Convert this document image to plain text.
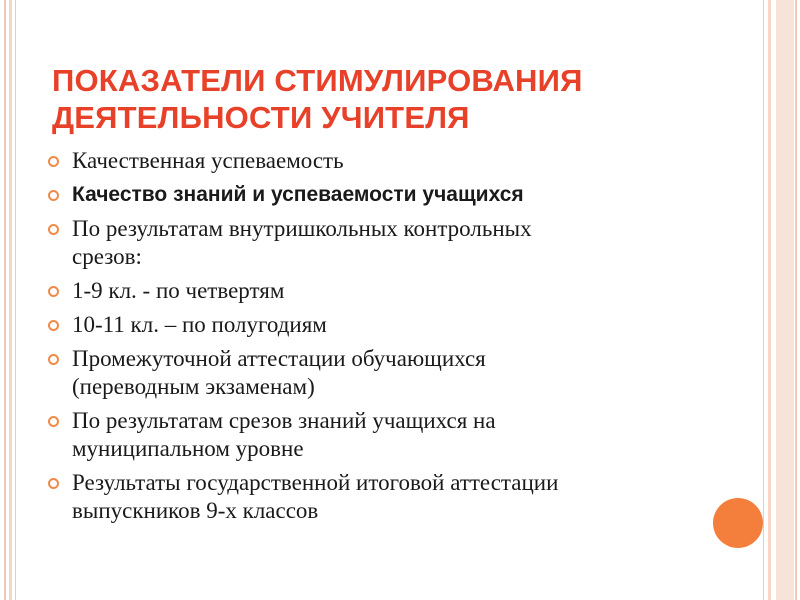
ПОКАЗАТЕЛИ СТИМУЛИРОВАНИЯ
ДЕЯТЕЛЬНОСТИ УЧИТЕЛЯ
Качественная успеваемость
Качество знаний и успеваемости учащихся
По результатам внутришкольных контрольных
срезов:
1-9 кл. - по четвертям
10-11 кл. – по полугодиям
Промежуточной аттестации обучающихся
(переводным экзаменам)
По результатам срезов знаний учащихся на
муниципальном уровне
Результаты государственной итоговой аттестации
выпускников 9-х классов
